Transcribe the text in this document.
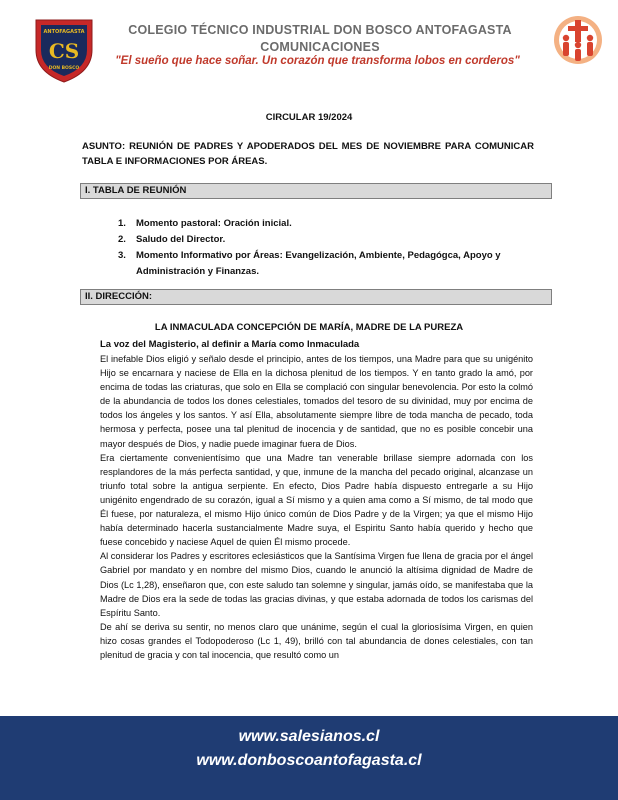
ANTOFAGASTA
CS
DON BOSCO
COLEGIO TÉCNICO INDUSTRIAL DON BOSCO ANTOFAGASTA
COMUNICACIONES
"El sueño que hace soñar. Un corazón que transforma lobos en corderos"
CIRCULAR 19/2024
ASUNTO: REUNIÓN DE PADRES Y APODERADOS DEL MES DE NOVIEMBRE PARA COMUNICAR TABLA E INFORMACIONES POR ÁREAS.
I. TABLA DE REUNIÓN
1. Momento pastoral: Oración inicial.
2. Saludo del Director.
3. Momento Informativo por Áreas: Evangelización, Ambiente, Pedagógca, Apoyo y Administración y Finanzas.
II. DIRECCIÓN:
LA INMACULADA CONCEPCIÓN DE MARÍA, MADRE DE LA PUREZA
La voz del Magisterio, al definir a María como Inmaculada

El inefable Dios eligió y señalo desde el principio, antes de los tiempos, una Madre para que su unigénito Hijo se encarnara y naciese de Ella en la dichosa plenitud de los tiempos. Y en tanto grado la amó, por encima de todas las criaturas, que solo en Ella se complació con singular benevolencia. Por esto la colmó de la abundancia de todos los dones celestiales, tomados del tesoro de su divinidad, muy por encima de todos los ángeles y los santos. Y así Ella, absolutamente siempre libre de toda mancha de pecado, toda hermosa y perfecta, posee una tal plenitud de inocencia y de santidad, que no es posible concebir una mayor después de Dios, y nadie puede imaginar fuera de Dios.

Era ciertamente convenientísimo que una Madre tan venerable brillase siempre adornada con los resplandores de la más perfecta santidad, y que, inmune de la mancha del pecado original, alcanzase un triunfo total sobre la antigua serpiente. En efecto, Dios Padre había dispuesto entregarle a su Hijo unigénito engendrado de su corazón, igual a Sí mismo y a quien ama como a Sí mismo, de tal modo que Él fuese, por naturaleza, el mismo Hijo único común de Dios Padre y de la Virgen; ya que el mismo Hijo había determinado hacerla sustancialmente Madre suya, el Espiritu Santo había querido y hecho que fuese concebido y naciese Aquel de quien Él mismo procede.

Al considerar los Padres y escritores eclesiásticos que la Santísima Virgen fue llena de gracia por el ángel Gabriel por mandato y en nombre del mismo Dios, cuando le anunció la altísima dignidad de Madre de Dios (Lc 1,28), enseñaron que, con este saludo tan solemne y singular, jamás oído, se manifestaba que la Madre de Dios era la sede de todas las gracias divinas, y que estaba adornada de todos los carismas del Espíritu Santo.

De ahí se deriva su sentir, no menos claro que unánime, según el cual la gloriosísima Virgen, en quien hizo cosas grandes el Todopoderoso (Lc 1, 49), brilló con tal abundancia de dones celestiales, con tan plenitud de gracia y con tal inocencia, que resultó como un

www.salesianos.cl
www.donboscoantofagasta.cl
